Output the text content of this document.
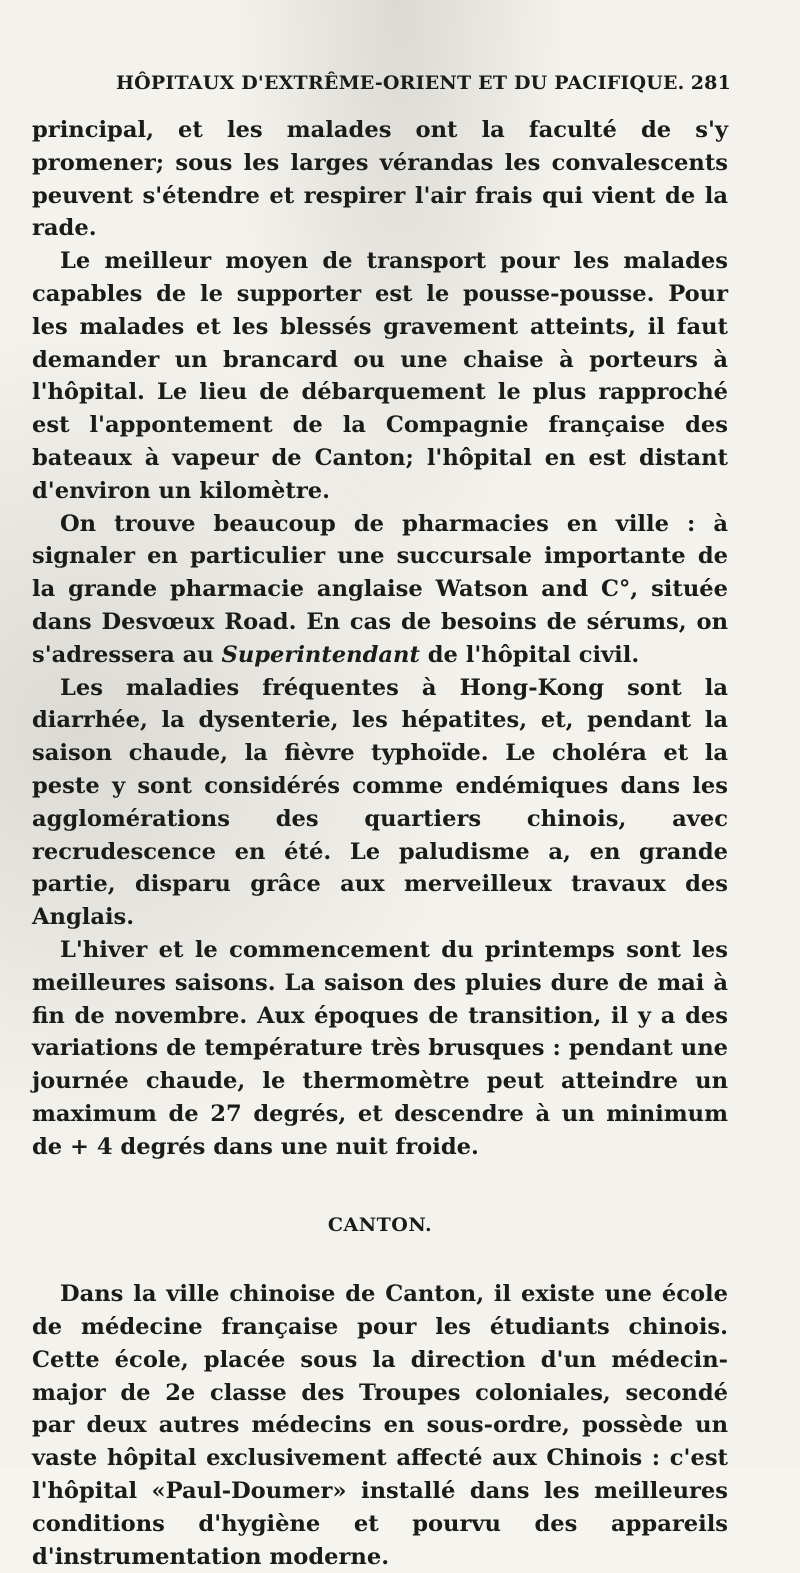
HÔPITAUX D'EXTRÊME-ORIENT ET DU PACIFIQUE. 281

principal, et les malades ont la faculté de s'y promener; sous les larges vérandas les convalescents peuvent s'étendre et respirer l'air frais qui vient de la rade.

Le meilleur moyen de transport pour les malades capables de le supporter est le pousse-pousse. Pour les malades et les blessés gravement atteints, il faut demander un brancard ou une chaise à porteurs à l'hôpital. Le lieu de débarquement le plus rapproché est l'appontement de la Compagnie française des bateaux à vapeur de Canton; l'hôpital en est distant d'environ un kilomètre.

On trouve beaucoup de pharmacies en ville : à signaler en particulier une succursale importante de la grande pharmacie anglaise Watson and C°, située dans Desvœux Road. En cas de besoins de sérums, on s'adressera au Superintendant de l'hôpital civil.

Les maladies fréquentes à Hong-Kong sont la diarrhée, la dysenterie, les hépatites, et, pendant la saison chaude, la fièvre typhoïde. Le choléra et la peste y sont considérés comme endémiques dans les agglomérations des quartiers chinois, avec recrudescence en été. Le paludisme a, en grande partie, disparu grâce aux merveilleux travaux des Anglais.

L'hiver et le commencement du printemps sont les meilleures saisons. La saison des pluies dure de mai à fin de novembre. Aux époques de transition, il y a des variations de température très brusques : pendant une journée chaude, le thermomètre peut atteindre un maximum de 27 degrés, et descendre à un minimum de + 4 degrés dans une nuit froide.

CANTON.

Dans la ville chinoise de Canton, il existe une école de médecine française pour les étudiants chinois. Cette école, placée sous la direction d'un médecin-major de 2e classe des Troupes coloniales, secondé par deux autres médecins en sous-ordre, possède un vaste hôpital exclusivement affecté aux Chinois : c'est l'hôpital «Paul-Doumer» installé dans les meilleures conditions d'hygiène et pourvu des appareils d'instrumentation moderne.
